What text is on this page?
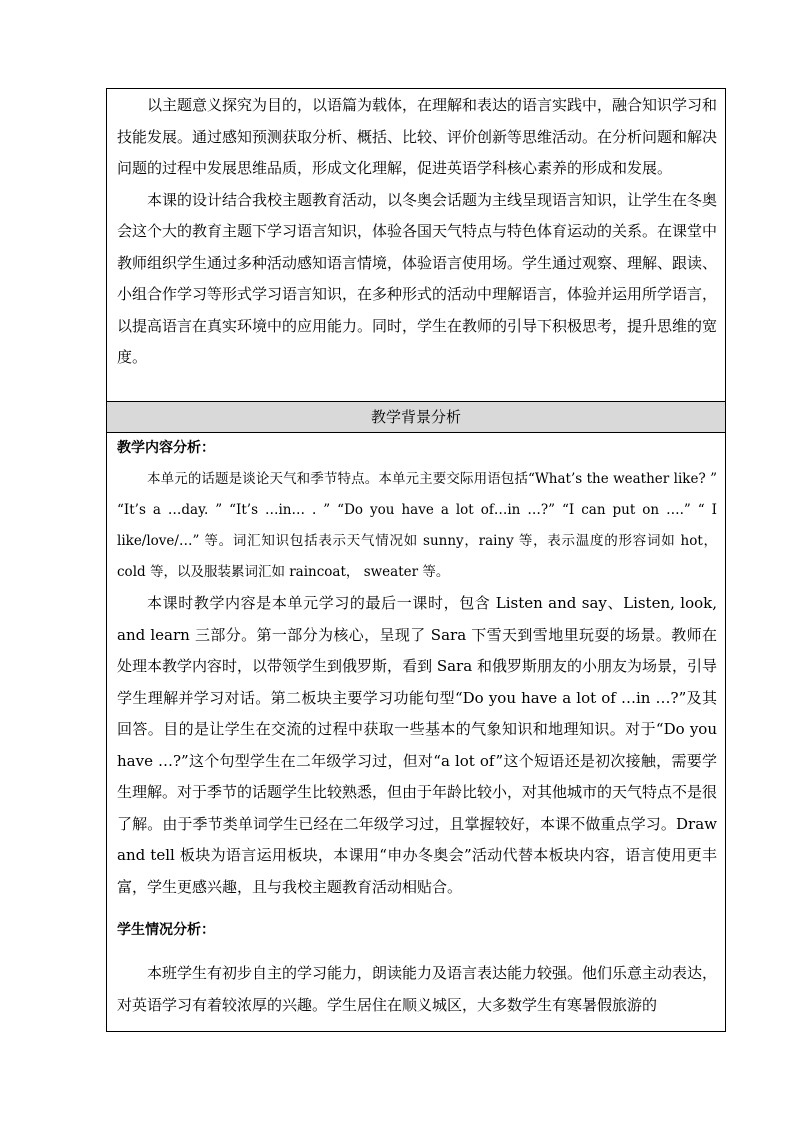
以主题意义探究为目的，以语篇为载体，在理解和表达的语言实践中，融合知识学习和技能发展。通过感知预测获取分析、概括、比较、评价创新等思维活动。在分析问题和解决问题的过程中发展思维品质，形成文化理解，促进英语学科核心素养的形成和发展。

本课的设计结合我校主题教育活动，以冬奥会话题为主线呈现语言知识，让学生在冬奥会这个大的教育主题下学习语言知识，体验各国天气特点与特色体育运动的关系。在课堂中教师组织学生通过多种活动感知语言情境，体验语言使用场。学生通过观察、理解、跟读、小组合作学习等形式学习语言知识，在多种形式的活动中理解语言，体验并运用所学语言，以提高语言在真实环境中的应用能力。同时，学生在教师的引导下积极思考，提升思维的宽度。

教学背景分析

教学内容分析：

本单元的话题是谈论天气和季节特点。本单元主要交际用语包括“What’s the weather like? ” “It’s a …day. ” “It’s …in… . ” “Do you have a lot of…in …?” “I can put on ….” “ I like/love/…” 等。词汇知识包括表示天气情况如 sunny，rainy 等，表示温度的形容词如 hot， cold 等，以及服装累词汇如 raincoat， sweater 等。

本课时教学内容是本单元学习的最后一课时，包含 Listen and say、Listen, look, and learn 三部分。第一部分为核心，呈现了 Sara 下雪天到雪地里玩耍的场景。教师在处理本教学内容时，以带领学生到俄罗斯，看到 Sara 和俄罗斯朋友的小朋友为场景，引导学生理解并学习对话。第二板块主要学习功能句型“Do you have a lot of …in …?”及其回答。目的是让学生在交流的过程中获取一些基本的气象知识和地理知识。对于“Do you have …?”这个句型学生在二年级学习过，但对“a lot of”这个短语还是初次接触，需要学生理解。对于季节的话题学生比较熟悉，但由于年龄比较小，对其他城市的天气特点不是很了解。由于季节类单词学生已经在二年级学习过，且掌握较好，本课不做重点学习。Draw and tell 板块为语言运用板块，本课用“申办冬奥会”活动代替本板块内容，语言使用更丰富，学生更感兴趣，且与我校主题教育活动相贴合。

学生情况分析：

本班学生有初步自主的学习能力，朗读能力及语言表达能力较强。他们乐意主动表达，对英语学习有着较浓厚的兴趣。学生居住在顺义城区，大多数学生有寒暑假旅游的
